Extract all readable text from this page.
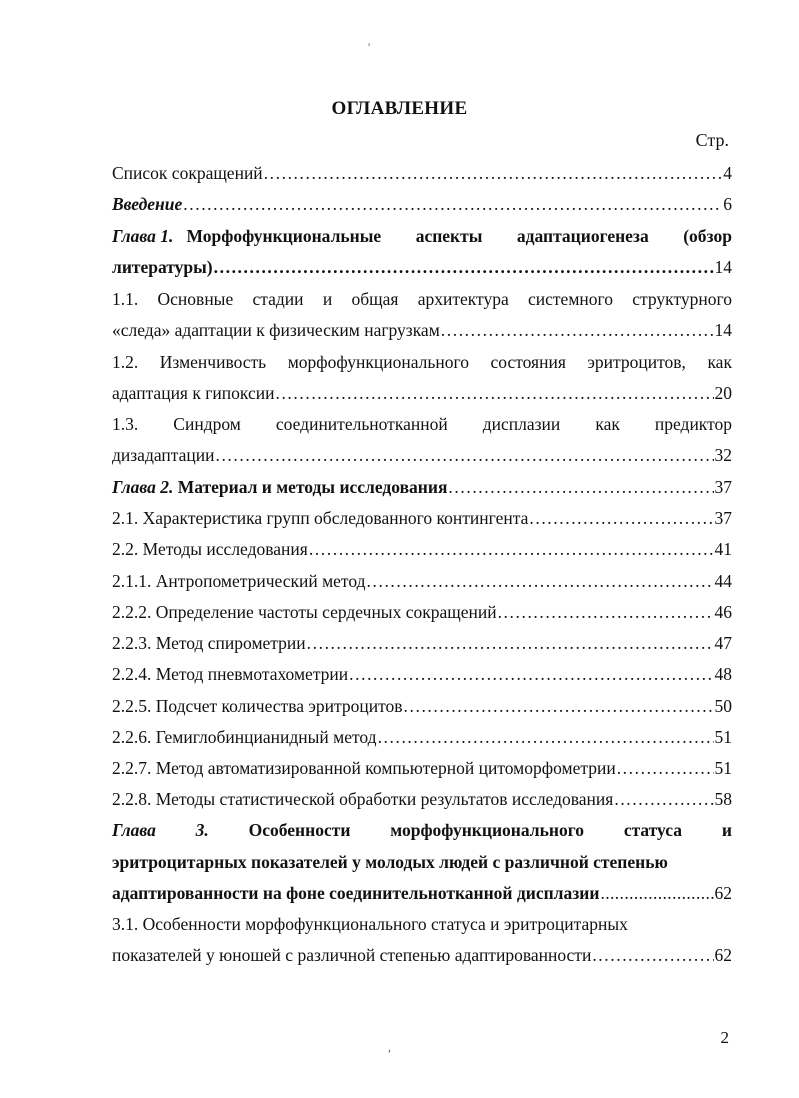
'
ОГЛАВЛЕНИЕ
Стр.
Список сокращений .....	4
Введение .....	6
Глава 1. Морфофункциональные аспекты адаптациогенеза (обзор
литературы) .....	14
1.1. Основные стадии и общая архитектура системного структурного
«следа» адаптации к физическим нагрузкам .....	14
1.2. Изменчивость морфофункционального состояния эритроцитов, как
адаптация к гипоксии .....	20
1.3. Синдром соединительнотканной дисплазии как предиктор
дизадаптации .....	32
Глава 2. Материал и методы исследования .....	37
2.1. Характеристика групп обследованного контингента .....	37
2.2. Методы исследования .....	41
2.1.1. Антропометрический метод .....	44
2.2.2. Определение частоты сердечных сокращений .....	46
2.2.3. Метод спирометрии .....	47
2.2.4. Метод пневмотахометрии .....	48
2.2.5. Подсчет количества эритроцитов .....	50
2.2.6. Гемиглобинцианидный метод .....	51
2.2.7. Метод автоматизированной компьютерной цитоморфометрии .....	51
2.2.8. Методы статистической обработки результатов исследования .....	58
Глава 3. Особенности морфофункционального статуса и
эритроцитарных показателей у молодых людей с различной степенью
адаптированности на фоне соединительнотканной дисплазии .....	62
3.1. Особенности морфофункционального статуса и эритроцитарных
показателей у юношей с различной степенью адаптированности .....	62
,	2
